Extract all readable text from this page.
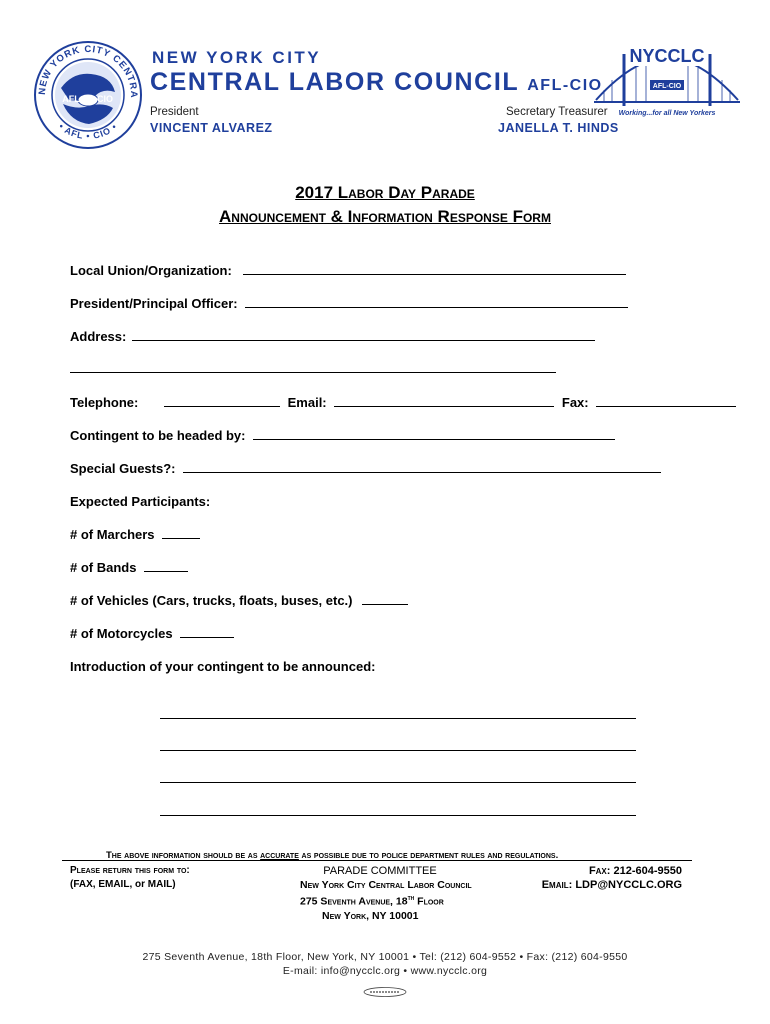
NEW YORK CITY CENTRA
• AFL • CIO •
AFL CIO
NEW YORK CITY
CENTRAL LABOR COUNCIL AFL-CIO
President
VINCENT ALVAREZ
Secretary Treasurer
JANELLA T. HINDS
NYCCLC
AFL-CIO
Working...for all New Yorkers
2017 Labor Day Parade
Announcement & Information Response Form
Local Union/Organization:
President/Principal Officer:
Address:
Telephone:	Email:	Fax:
Contingent to be headed by:
Special Guests?:
Expected Participants:
# of Marchers
# of Bands
# of Vehicles (Cars, trucks, floats, buses, etc.)
# of Motorcycles
Introduction of your contingent to be announced:
The above information should be as accurate as possible due to police department rules and regulations.
Please return this form to:
(FAX, EMAIL, or MAIL)
PARADE COMMITTEE
New York City Central Labor Council
275 Seventh Avenue, 18th Floor
New York, NY 10001
Fax: 212-604-9550
Email: LDP@NYCCLC.ORG
275 Seventh Avenue, 18th Floor, New York, NY 10001 • Tel: (212) 604-9552 • Fax: (212) 604-9550
E-mail: info@nycclc.org • www.nycclc.org
